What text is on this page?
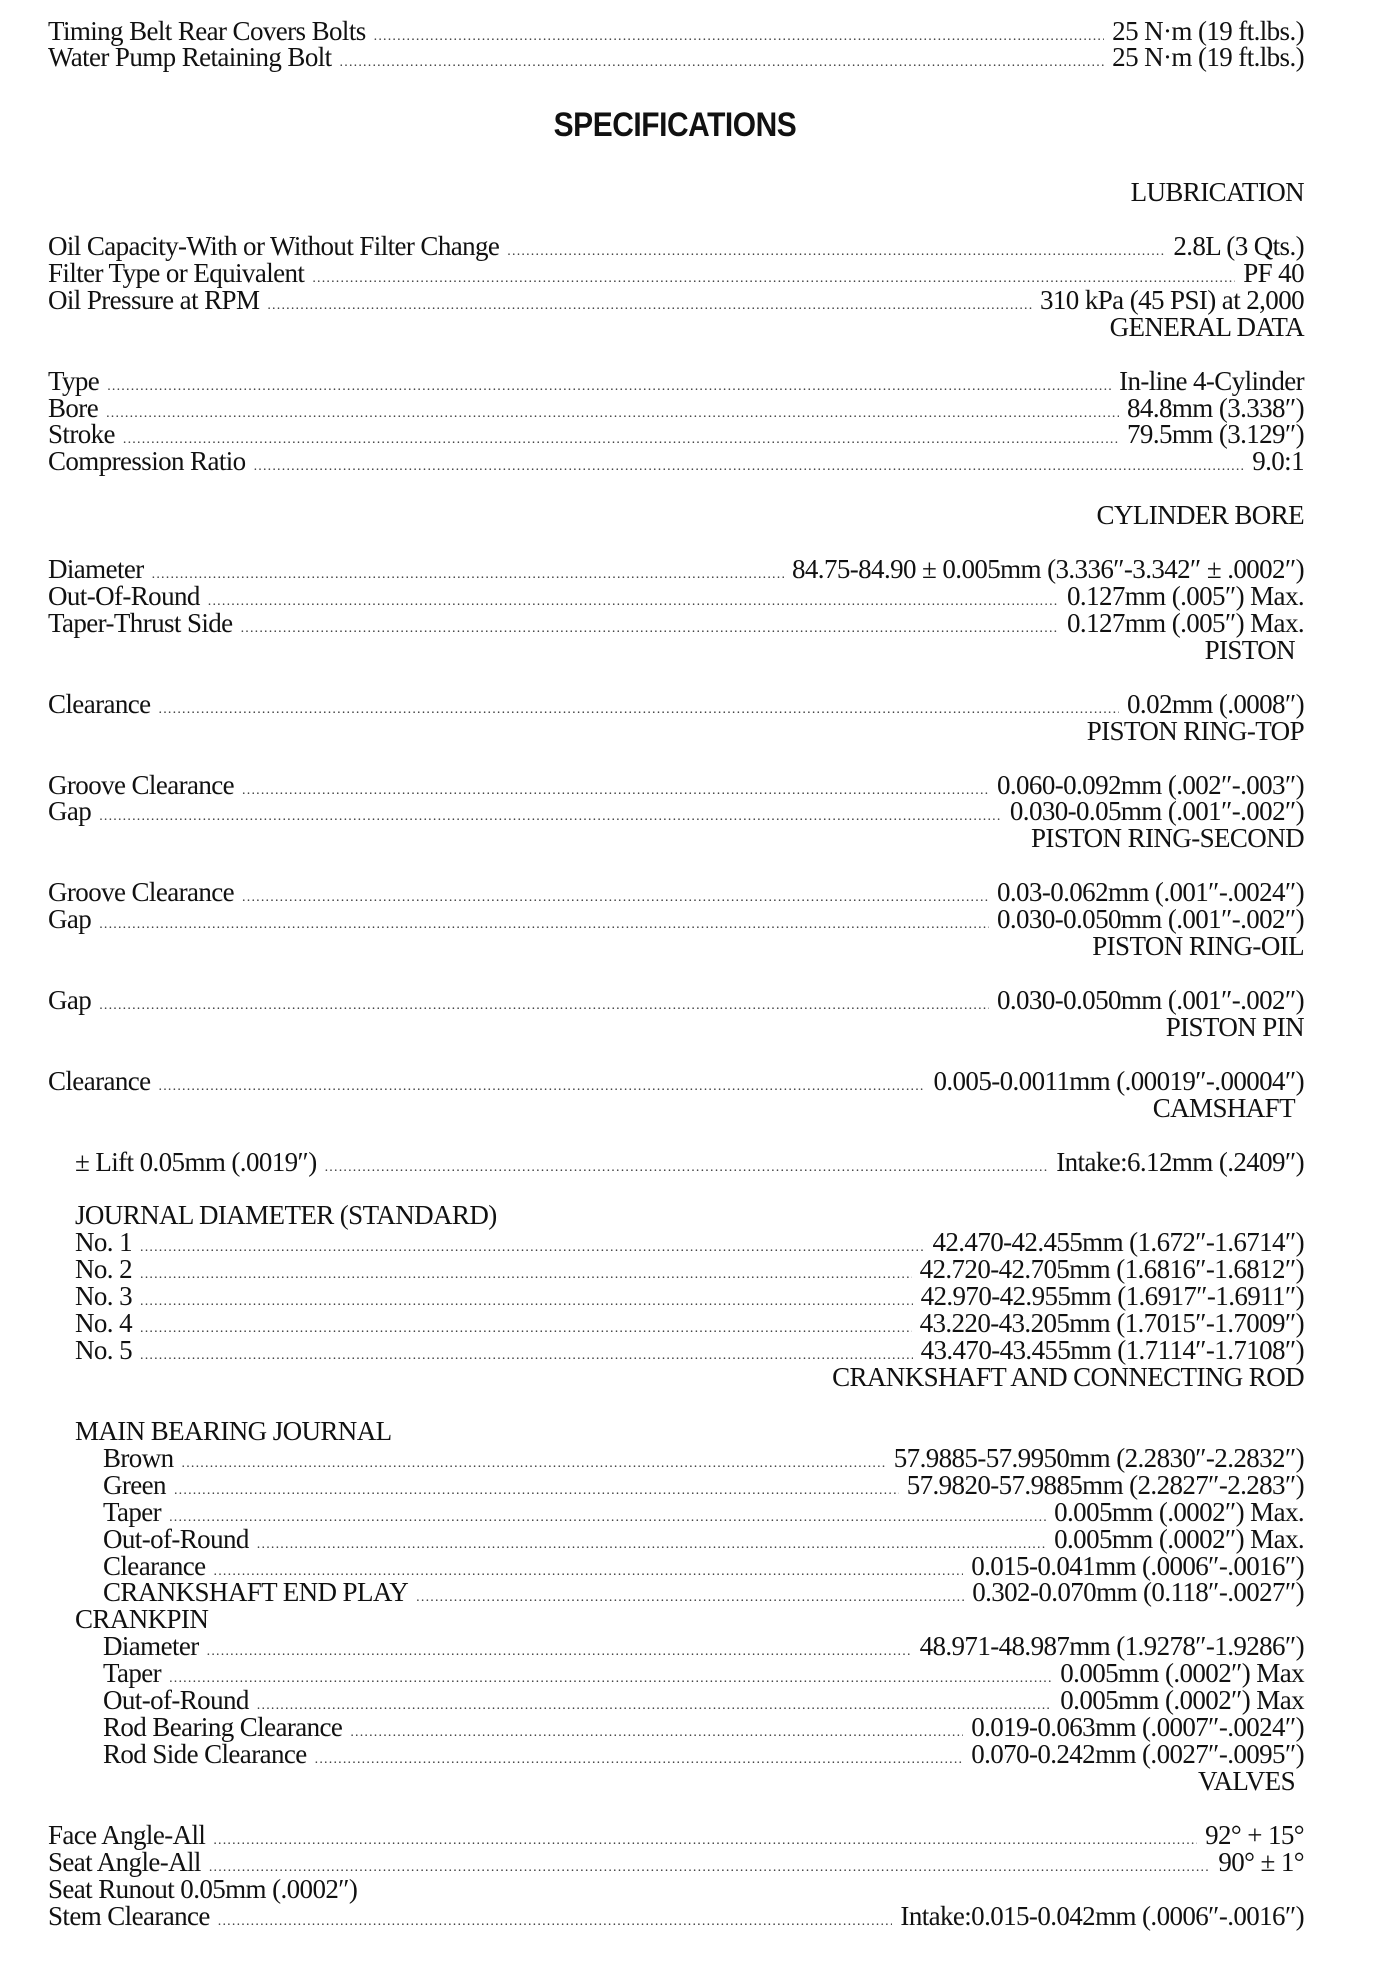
SPECIFICATIONS
Timing Belt Rear Covers Bolts .....	25 N·m (19 ft.lbs.)
Water Pump Retaining Bolt .....	25 N·m (19 ft.lbs.)
LUBRICATION
Oil Capacity-With or Without Filter Change .....	2.8L (3 Qts.)
Filter Type or Equivalent .....	PF 40
Oil Pressure at RPM .....	310 kPa (45 PSI) at 2,000
GENERAL DATA
Type .....	In-line 4-Cylinder
Bore .....	84.8mm (3.338″)
Stroke .....	79.5mm (3.129″)
Compression Ratio .....	9.0:1
CYLINDER BORE
Diameter .....	84.75-84.90 ± 0.005mm (3.336″-3.342″ ± .0002″)
Out-Of-Round .....	0.127mm (.005″) Max.
Taper-Thrust Side .....	0.127mm (.005″) Max.
PISTON
Clearance .....	0.02mm (.0008″)
PISTON RING-TOP
Groove Clearance .....	0.060-0.092mm (.002″-.003″)
Gap .....	0.030-0.05mm (.001″-.002″)
PISTON RING-SECOND
Groove Clearance .....	0.03-0.062mm (.001″-.0024″)
Gap .....	0.030-0.050mm (.001″-.002″)
PISTON RING-OIL
Gap .....	0.030-0.050mm (.001″-.002″)
PISTON PIN
Clearance .....	0.005-0.0011mm (.00019″-.00004″)
CAMSHAFT
± Lift 0.05mm (.0019″) .....	Intake:6.12mm (.2409″)
JOURNAL DIAMETER (STANDARD)
No. 1 .....	42.470-42.455mm (1.672″-1.6714″)
No. 2 .....	42.720-42.705mm (1.6816″-1.6812″)
No. 3 .....	42.970-42.955mm (1.6917″-1.6911″)
No. 4 .....	43.220-43.205mm (1.7015″-1.7009″)
No. 5 .....	43.470-43.455mm (1.7114″-1.7108″)
CRANKSHAFT AND CONNECTING ROD
MAIN BEARING JOURNAL
Brown .....	57.9885-57.9950mm (2.2830″-2.2832″)
Green .....	57.9820-57.9885mm (2.2827″-2.283″)
Taper .....	0.005mm (.0002″) Max.
Out-of-Round .....	0.005mm (.0002″) Max.
Clearance .....	0.015-0.041mm (.0006″-.0016″)
CRANKSHAFT END PLAY .....	0.302-0.070mm (0.118″-.0027″)
CRANKPIN
Diameter .....	48.971-48.987mm (1.9278″-1.9286″)
Taper .....	0.005mm (.0002″) Max
Out-of-Round .....	0.005mm (.0002″) Max
Rod Bearing Clearance .....	0.019-0.063mm (.0007″-.0024″)
Rod Side Clearance .....	0.070-0.242mm (.0027″-.0095″)
VALVES
Face Angle-All .....	92° + 15°
Seat Angle-All .....	90° ± 1°
Seat Runout 0.05mm (.0002″)
Stem Clearance .....	Intake:0.015-0.042mm (.0006″-.0016″)
